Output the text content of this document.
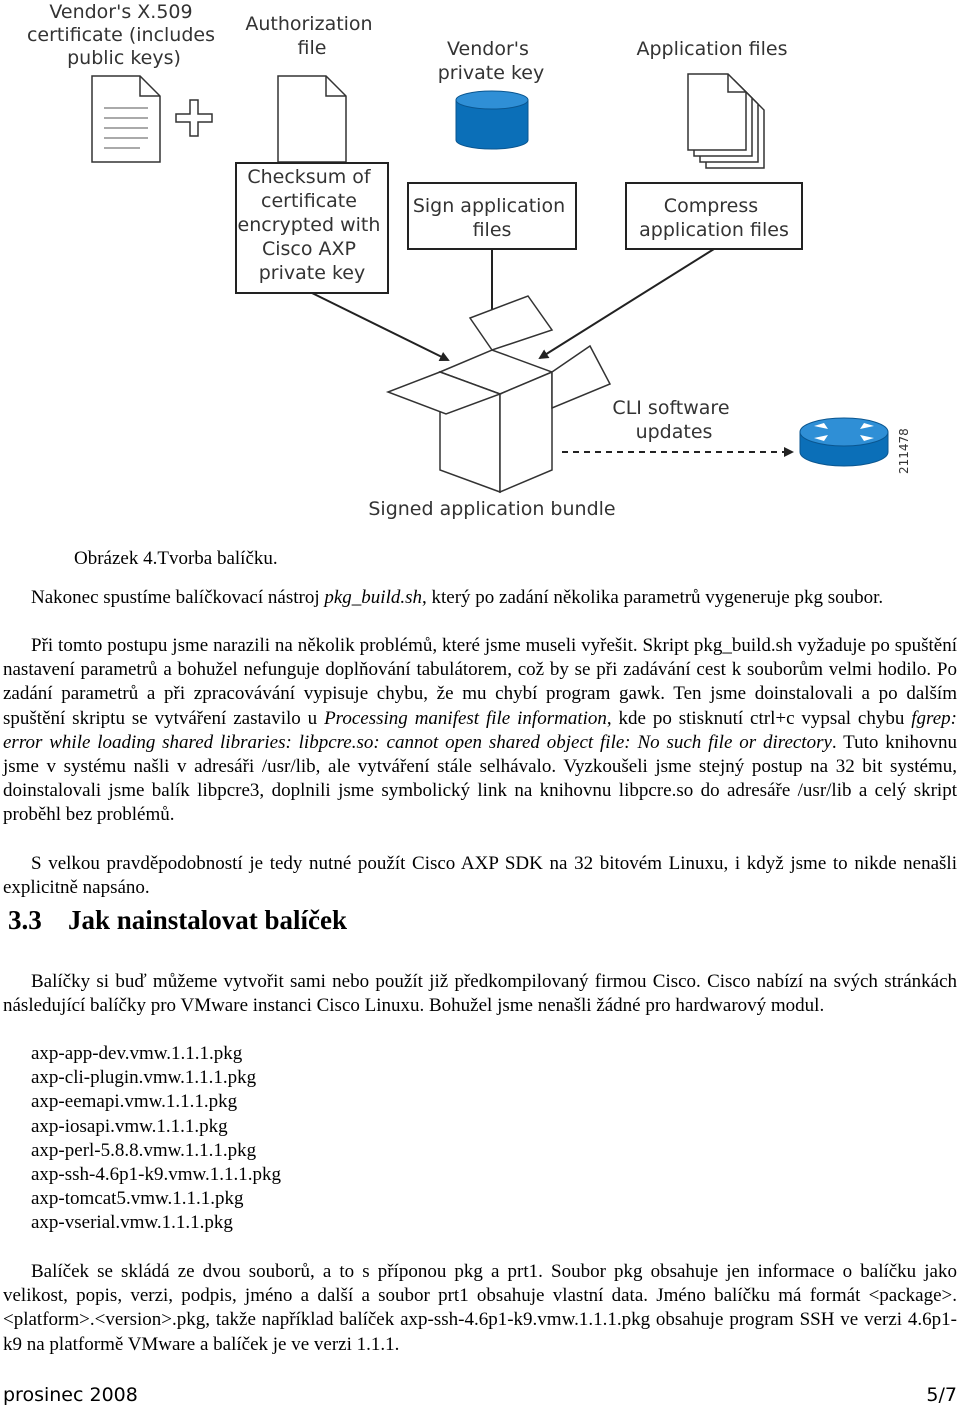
Vendor's X.509 certificate (includes public keys)
Authorization file	Vendor's private key
Application files
Checksum of certificate encrypted with Cisco AXP private key
Sign application files
Compress application files
CLI software updates	211478
Signed application bundle
Obrázek 4.Tvorba balíčku.

Nakonec spustíme balíčkovací nástroj pkg_build.sh, který po zadání několika parametrů vygeneruje pkg soubor.

Při tomto postupu jsme narazili na několik problémů, které jsme museli vyřešit. Skript pkg_build.sh vyžaduje po spuštění nastavení parametrů a bohužel nefunguje doplňování tabulátorem, což by se při zadávání cest k souborům velmi hodilo. Po zadání parametrů a při zpracovávání vypisuje chybu, že mu chybí program gawk. Ten jsme doinstalovali a po dalším spuštění skriptu se vytváření zastavilo u Processing manifest file information, kde po stisknutí ctrl+c vypsal chybu fgrep: error while loading shared libraries: libpcre.so: cannot open shared object file: No such file or directory. Tuto knihovnu jsme v systému našli v adresáři /usr/lib, ale vytváření stále selhávalo. Vyzkoušeli jsme stejný postup na 32 bit systému, doinstalovali jsme balík libpcre3, doplnili jsme symbolický link na knihovnu libpcre.so do adresáře /usr/lib a celý skript proběhl bez problémů.

S velkou pravděpodobností je tedy nutné použít Cisco AXP SDK na 32 bitovém Linuxu, i když jsme to nikde nenašli explicitně napsáno.

3.3 Jak nainstalovat balíček

Balíčky si buď můžeme vytvořit sami nebo použít již předkompilovaný firmou Cisco. Cisco nabízí na svých stránkách následující balíčky pro VMware instanci Cisco Linuxu. Bohužel jsme nenašli žádné pro hardwarový modul.

axp-app-dev.vmw.1.1.1.pkg
axp-cli-plugin.vmw.1.1.1.pkg
axp-eemapi.vmw.1.1.1.pkg
axp-iosapi.vmw.1.1.1.pkg
axp-perl-5.8.8.vmw.1.1.1.pkg
axp-ssh-4.6p1-k9.vmw.1.1.1.pkg
axp-tomcat5.vmw.1.1.1.pkg
axp-vserial.vmw.1.1.1.pkg

Balíček se skládá ze dvou souborů, a to s příponou pkg a prt1. Soubor pkg obsahuje jen informace o balíčku jako velikost, popis, verzi, podpis, jméno a další a soubor prt1 obsahuje vlastní data. Jméno balíčku má formát <package>.<platform>.<version>.pkg, takže například balíček axp-ssh-4.6p1-k9.vmw.1.1.1.pkg obsahuje program SSH ve verzi 4.6p1-k9 na platformě VMware a balíček je ve verzi 1.1.1.

prosinec 2008	5/7
